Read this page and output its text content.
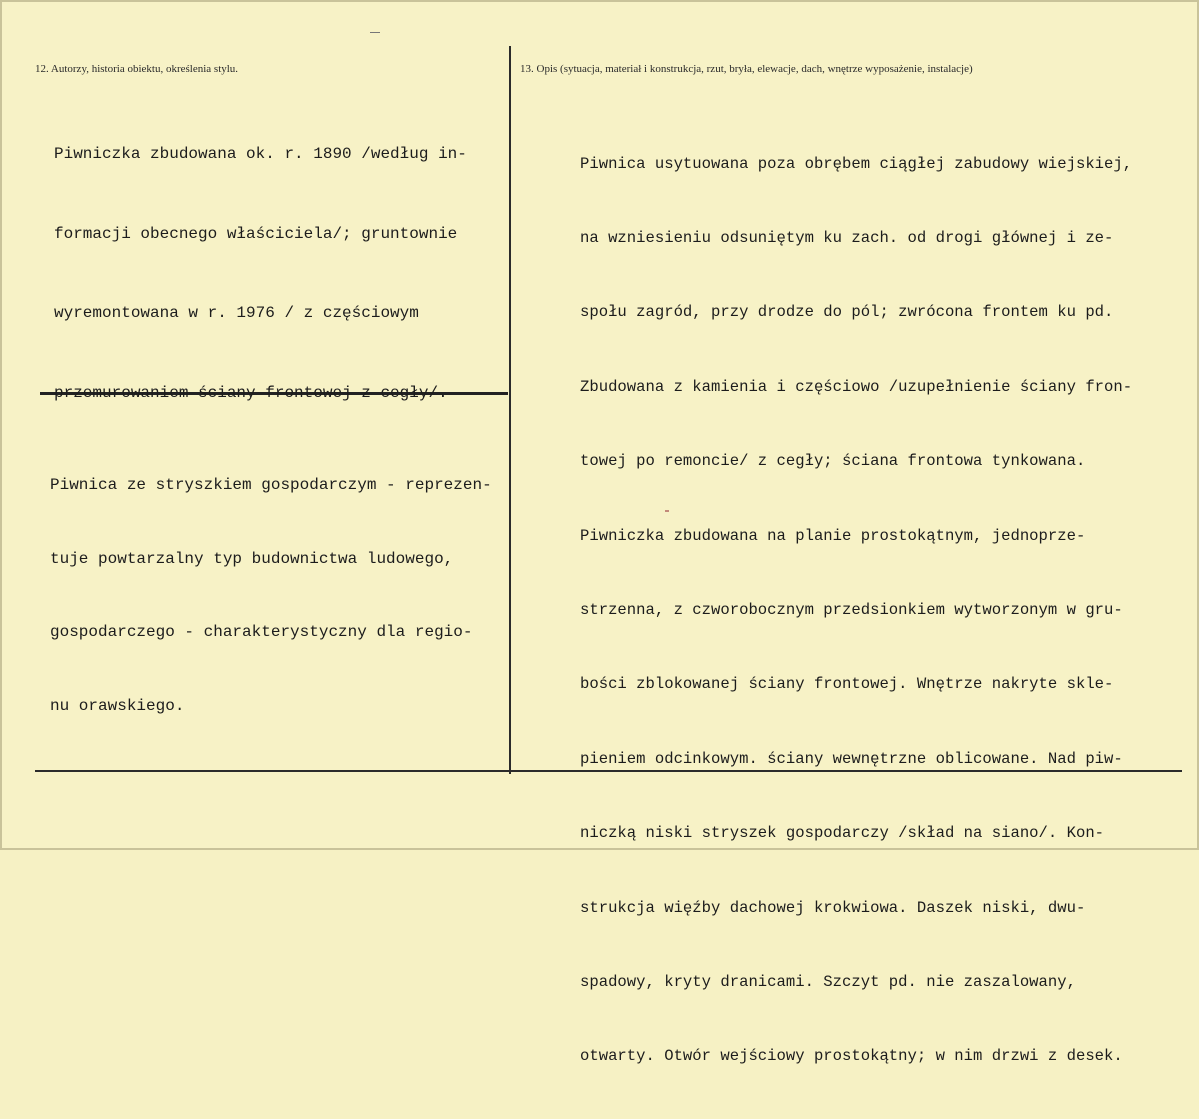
12. Autorzy, historia obiektu, określenia stylu.	13. Opis (sytuacja, materiał i konstrukcja, rzut, bryła, elewacje, dach, wnętrze wyposażenie, instalacje)

Piwniczka zbudowana ok. r. 1890 /według in-

formacji obecnego właściciela/; gruntownie

wyremontowana w r. 1976 / z częściowym

przemurowaniem ściany frontowej z cegły/.

Piwnica ze stryszkiem gospodarczym - reprezen-

tuje powtarzalny typ budownictwa ludowego,

gospodarczego - charakterystyczny dla regio-

nu orawskiego.

Piwnica usytuowana poza obrębem ciągłej zabudowy wiejskiej,

na wzniesieniu odsuniętym ku zach. od drogi głównej i ze-

społu zagród, przy drodze do pól; zwrócona frontem ku pd.

Zbudowana z kamienia i częściowo /uzupełnienie ściany fron-

towej po remoncie/ z cegły; ściana frontowa tynkowana.

Piwniczka zbudowana na planie prostokątnym, jednoprze-

strzenna, z czworobocznym przedsionkiem wytworzonym w gru-

bości zblokowanej ściany frontowej. Wnętrze nakryte skle-

pieniem odcinkowym. ściany wewnętrzne oblicowane. Nad piw-

niczką niski stryszek gospodarczy /skład na siano/. Kon-

strukcja więźby dachowej krokwiowa. Daszek niski, dwu-

spadowy, kryty dranicami. Szczyt pd. nie zaszalowany,

otwarty. Otwór wejściowy prostokątny; w nim drzwi z desek.
